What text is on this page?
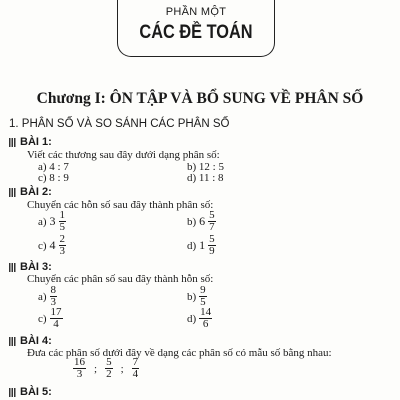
PHẦN MỘT
CÁC ĐỀ TOÁN
Chương I: ÔN TẬP VÀ BỔ SUNG VỀ PHÂN SỐ
1. PHÂN SỐ VÀ SO SÁNH CÁC PHÂN SỐ
BÀI 1:
Viết các thương sau đây dưới dạng phân số:
a) 4 : 7	b) 12 : 5
c) 8 : 9	d) 11 : 8
BÀI 2:
Chuyển các hỗn số sau đây thành phân số:
a) $3 \frac{1}{5}$	b) $6 \frac{5}{7}$
c) $4 \frac{2}{3}$	d) $1 \frac{5}{9}$
BÀI 3:
Chuyển các phân số sau đây thành hỗn số:
$a) \frac{8}{3}$	$b) \frac{9}{5}$
$c) \frac{17}{4}$	$d) \frac{14}{6}$
BÀI 4:
Đưa các phân số dưới đây về dạng các phân số có mẫu số bằng nhau:
$\frac{16}{3}$ ; $\frac{5}{2}$ ; $\frac{7}{4}$
BÀI 5:
